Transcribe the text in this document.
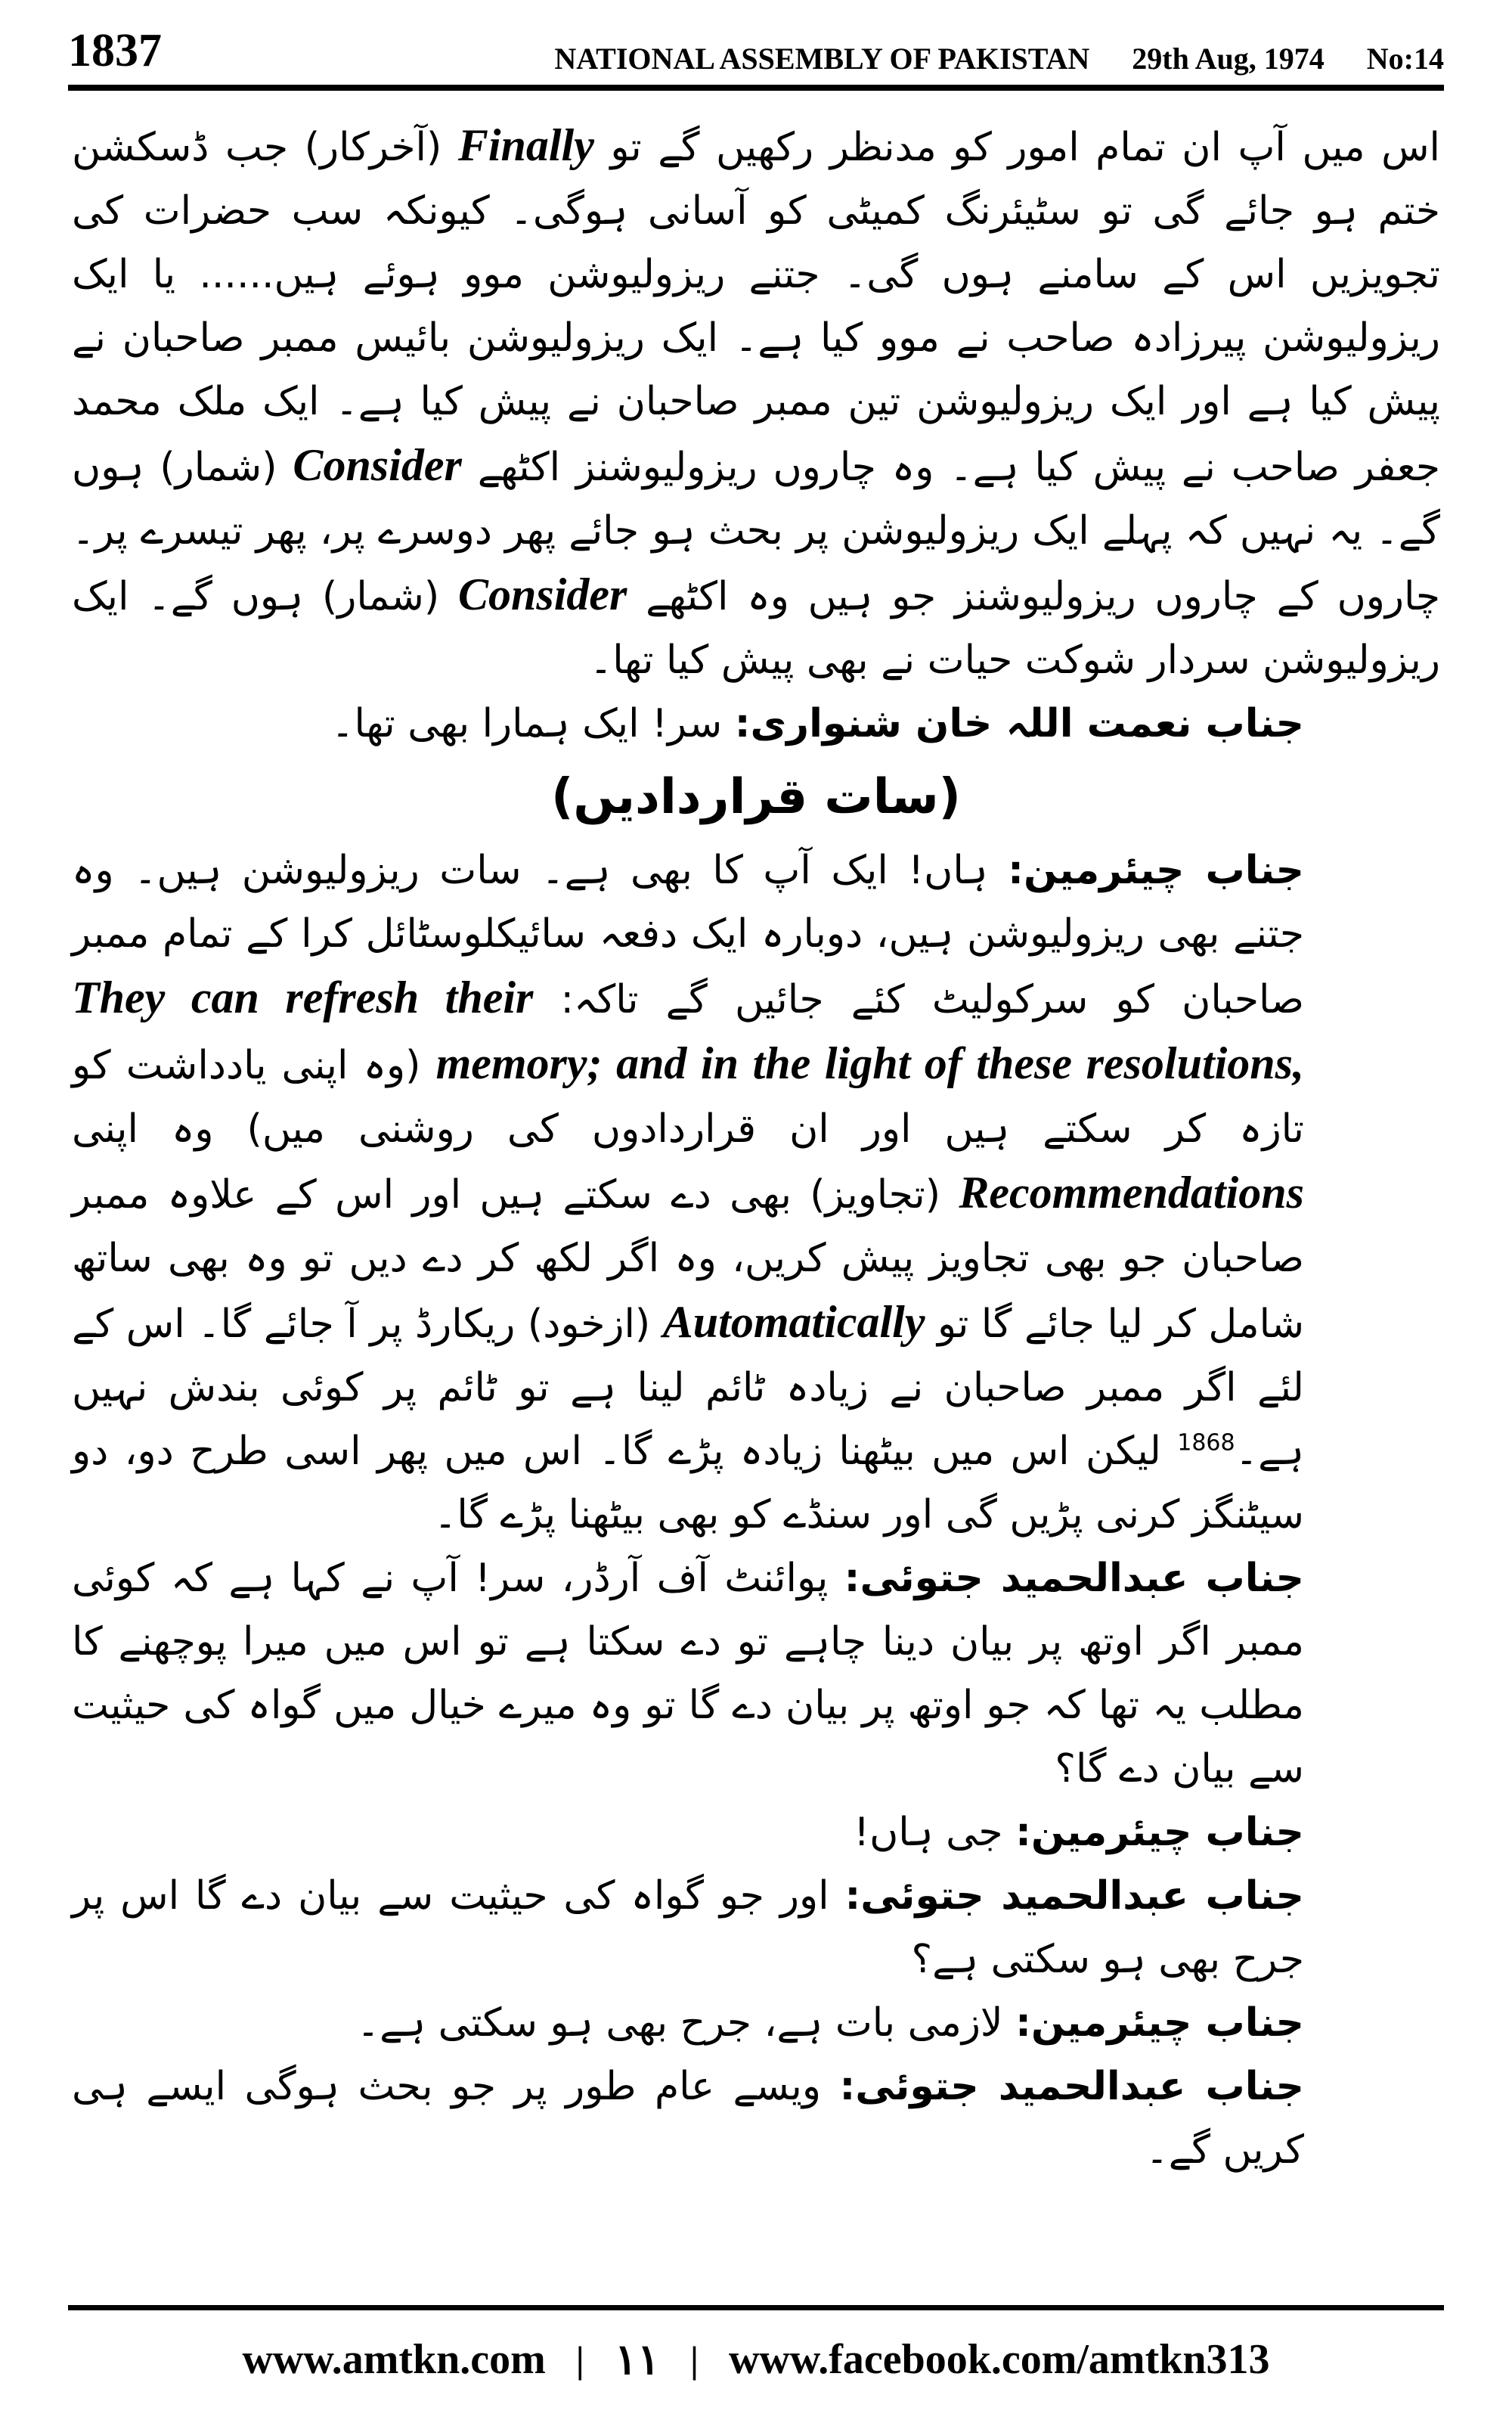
1837	NATIONAL ASSEMBLY OF PAKISTAN 29th Aug, 1974 No:14

اس میں آپ ان تمام امور کو مدنظر رکھیں گے تو Finally (آخرکار) جب ڈسکشن ختم ہو جائے گی تو سٹیئرنگ کمیٹی کو آسانی ہوگی۔ کیونکہ سب حضرات کی تجویزیں اس کے سامنے ہوں گی۔ جتنے ریزولیوشن موو ہوئے ہیں...... یا ایک ریزولیوشن پیرزادہ صاحب نے موو کیا ہے۔ ایک ریزولیوشن بائیس ممبر صاحبان نے پیش کیا ہے اور ایک ریزولیوشن تین ممبر صاحبان نے پیش کیا ہے۔ ایک ملک محمد جعفر صاحب نے پیش کیا ہے۔ وہ چاروں ریزولیوشنز اکٹھے Consider (شمار) ہوں گے۔ یہ نہیں کہ پہلے ایک ریزولیوشن پر بحث ہو جائے پھر دوسرے پر، پھر تیسرے پر۔ چاروں کے چاروں ریزولیوشنز جو ہیں وہ اکٹھے Consider (شمار) ہوں گے۔ ایک ریزولیوشن سردار شوکت حیات نے بھی پیش کیا تھا۔

جناب نعمت اللہ خان شنواری: سر! ایک ہمارا بھی تھا۔

(سات قراردادیں)

جناب چیئرمین: ہاں! ایک آپ کا بھی ہے۔ سات ریزولیوشن ہیں۔ وہ جتنے بھی ریزولیوشن ہیں، دوبارہ ایک دفعہ سائیکلوسٹائل کرا کے تمام ممبر صاحبان کو سرکولیٹ کئے جائیں گے تاکہ: They can refresh their memory; and in the light of these resolutions, (وہ اپنی یادداشت کو تازہ کر سکتے ہیں اور ان قراردادوں کی روشنی میں) وہ اپنی Recommendations (تجاویز) بھی دے سکتے ہیں اور اس کے علاوہ ممبر صاحبان جو بھی تجاویز پیش کریں، وہ اگر لکھ کر دے دیں تو وہ بھی ساتھ شامل کر لیا جائے گا تو Automatically (ازخود) ریکارڈ پر آ جائے گا۔ اس کے لئے اگر ممبر صاحبان نے زیادہ ٹائم لینا ہے تو ٹائم پر کوئی بندش نہیں ہے۔$^{1868}$ لیکن اس میں بیٹھنا زیادہ پڑے گا۔ اس میں پھر اسی طرح دو، دو سیٹنگز کرنی پڑیں گی اور سنڈے کو بھی بیٹھنا پڑے گا۔

جناب عبدالحمید جتوئی: پوائنٹ آف آرڈر، سر! آپ نے کہا ہے کہ کوئی ممبر اگر اوتھ پر بیان دینا چاہے تو دے سکتا ہے تو اس میں میرا پوچھنے کا مطلب یہ تھا کہ جو اوتھ پر بیان دے گا تو وہ میرے خیال میں گواہ کی حیثیت سے بیان دے گا؟

جناب چیئرمین: جی ہاں!

جناب عبدالحمید جتوئی: اور جو گواہ کی حیثیت سے بیان دے گا اس پر جرح بھی ہو سکتی ہے؟

جناب چیئرمین: لازمی بات ہے، جرح بھی ہو سکتی ہے۔

جناب عبدالحمید جتوئی: ویسے عام طور پر جو بحث ہوگی ایسے ہی کریں گے۔

www.amtkn.com | ۱۱ | www.facebook.com/amtkn313
